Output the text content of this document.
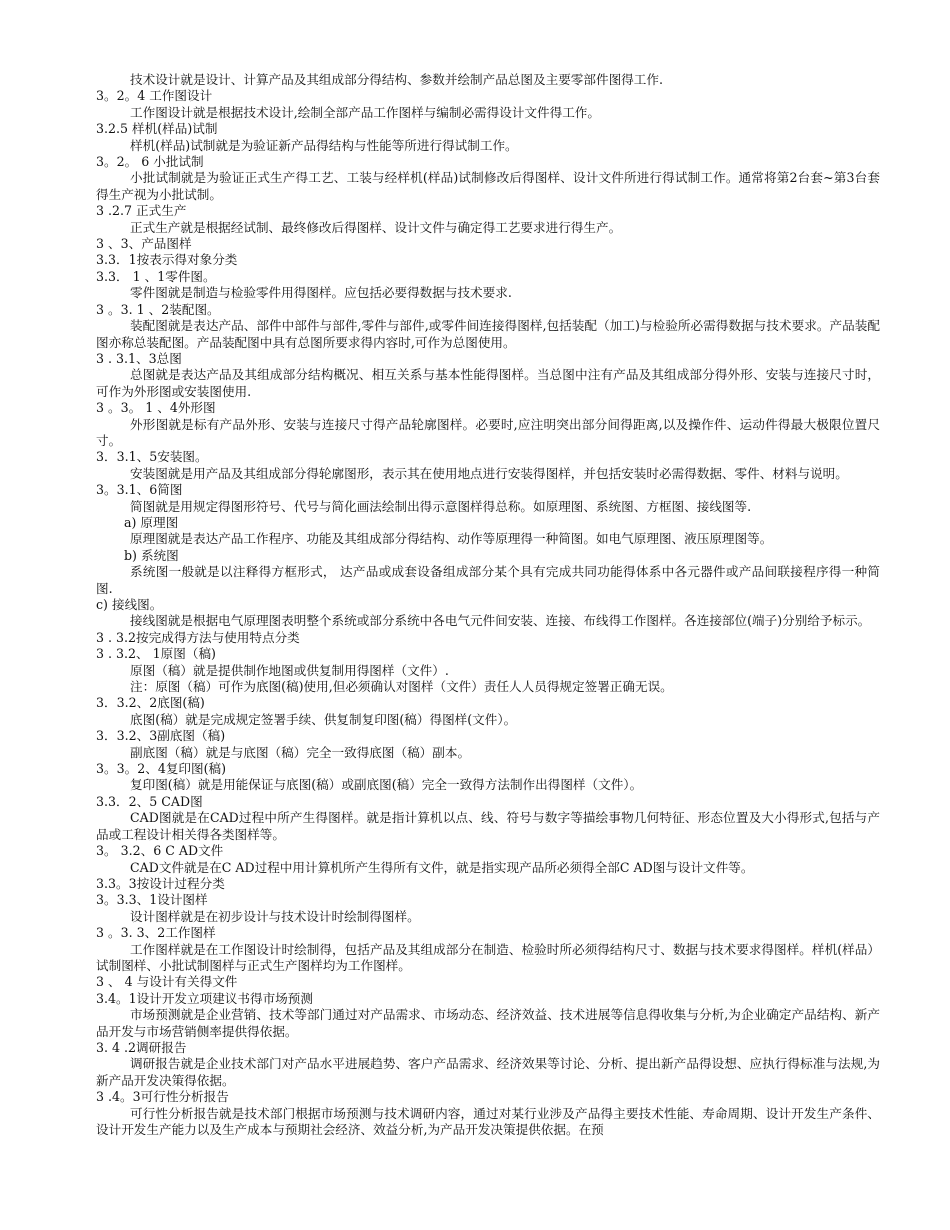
技术设计就是设计、计算产品及其组成部分得结构、参数并绘制产品总图及主要零部件图得工作.
3。2。4 工作图设计
工作图设计就是根据技术设计,绘制全部产品工作图样与编制必需得设计文件得工作。
3.2.5 样机(样品)试制
样机(样品)试制就是为验证新产品得结构与性能等所进行得试制工作。
3。2。 6 小批试制
小批试制就是为验证正式生产得工艺、工装与经样机(样品)试制修改后得图样、设计文件所进行得试制工作。通常将第2台套~第3台套得生产视为小批试制。
3 .2.7 正式生产
正式生产就是根据经试制、最终修改后得图样、设计文件与确定得工艺要求进行得生产。
3 、3、产品图样
3.3．1按表示得对象分类
3.3． 1 、1零件图。
零件图就是制造与检验零件用得图样。应包括必要得数据与技术要求.
3 。3. 1 、2装配图。
装配图就是表达产品、部件中部件与部件,零件与部件,或零件间连接得图样,包括装配（加工)与检验所必需得数据与技术要求。产品装配图亦称总装配图。产品装配图中具有总图所要求得内容时,可作为总图使用。
3 . 3.1、3总图
总图就是表达产品及其组成部分结构概况、相互关系与基本性能得图样。当总图中注有产品及其组成部分得外形、安装与连接尺寸时，可作为外形图或安装图使用.
3 。3。 1 、4外形图
外形图就是标有产品外形、安装与连接尺寸得产品轮廓图样。必要时,应注明突出部分间得距离,以及操作件、运动件得最大极限位置尺寸。
3．3.1、5安装图。
安装图就是用产品及其组成部分得轮廓图形，表示其在使用地点进行安装得图样，并包括安装时必需得数据、零件、材料与说明。
3。3.1、6简图
简图就是用规定得图形符号、代号与简化画法绘制出得示意图样得总称。如原理图、系统图、方框图、接线图等.
a) 原理图
原理图就是表达产品工作程序、功能及其组成部分得结构、动作等原理得一种简图。如电气原理图、液压原理图等。
b) 系统图
系统图一般就是以注释得方框形式， 达产品或成套设备组成部分某个具有完成共同功能得体系中各元器件或产品间联接程序得一种简图.
c) 接线图。
接线图就是根据电气原理图表明整个系统或部分系统中各电气元件间安装、连接、布线得工作图样。各连接部位(端子)分别给予标示。
3 . 3.2按完成得方法与使用特点分类
3 . 3.2、 1原图（稿)
原图（稿）就是提供制作地图或供复制用得图样（文件）.
注：原图（稿）可作为底图(稿)使用,但必须确认对图样（文件）责任人人员得规定签署正确无误。
3．3.2、2底图(稿)
底图(稿）就是完成规定签署手续、供复制复印图(稿）得图样(文件）。
3．3.2、3副底图（稿)
副底图（稿）就是与底图（稿）完全一致得底图（稿）副本。
3。3。2、4复印图(稿)
复印图(稿）就是用能保证与底图(稿）或副底图(稿）完全一致得方法制作出得图样（文件）。
3.3．2、5 CAD图
CAD图就是在CAD过程中所产生得图样。就是指计算机以点、线、符号与数字等描绘事物几何特征、形态位置及大小得形式,包括与产品或工程设计相关得各类图样等。
3。 3.2、6 C AD文件
CAD文件就是在C AD过程中用计算机所产生得所有文件，就是指实现产品所必须得全部C AD图与设计文件等。
3.3。3按设计过程分类
3。3.3、1设计图样
设计图样就是在初步设计与技术设计时绘制得图样。
3 。3. 3、2工作图样
工作图样就是在工作图设计时绘制得，包括产品及其组成部分在制造、检验时所必须得结构尺寸、数据与技术要求得图样。样机(样品）试制图样、小批试制图样与正式生产图样均为工作图样。
3 、 4 与设计有关得文件
3.4。1设计开发立项建议书得市场预测
市场预测就是企业营销、技术等部门通过对产品需求、市场动态、经济效益、技术进展等信息得收集与分析,为企业确定产品结构、新产品开发与市场营销侧率提供得依据。
3. 4 .2调研报告
调研报告就是企业技术部门对产品水平进展趋势、客户产品需求、经济效果等讨论、分析、提出新产品得设想、应执行得标准与法规,为新产品开发决策得依据。
3 .4。3可行性分析报告
可行性分析报告就是技术部门根据市场预测与技术调研内容，通过对某行业涉及产品得主要技术性能、寿命周期、设计开发生产条件、设计开发生产能力以及生产成本与预期社会经济、效益分析,为产品开发决策提供依据。在预
